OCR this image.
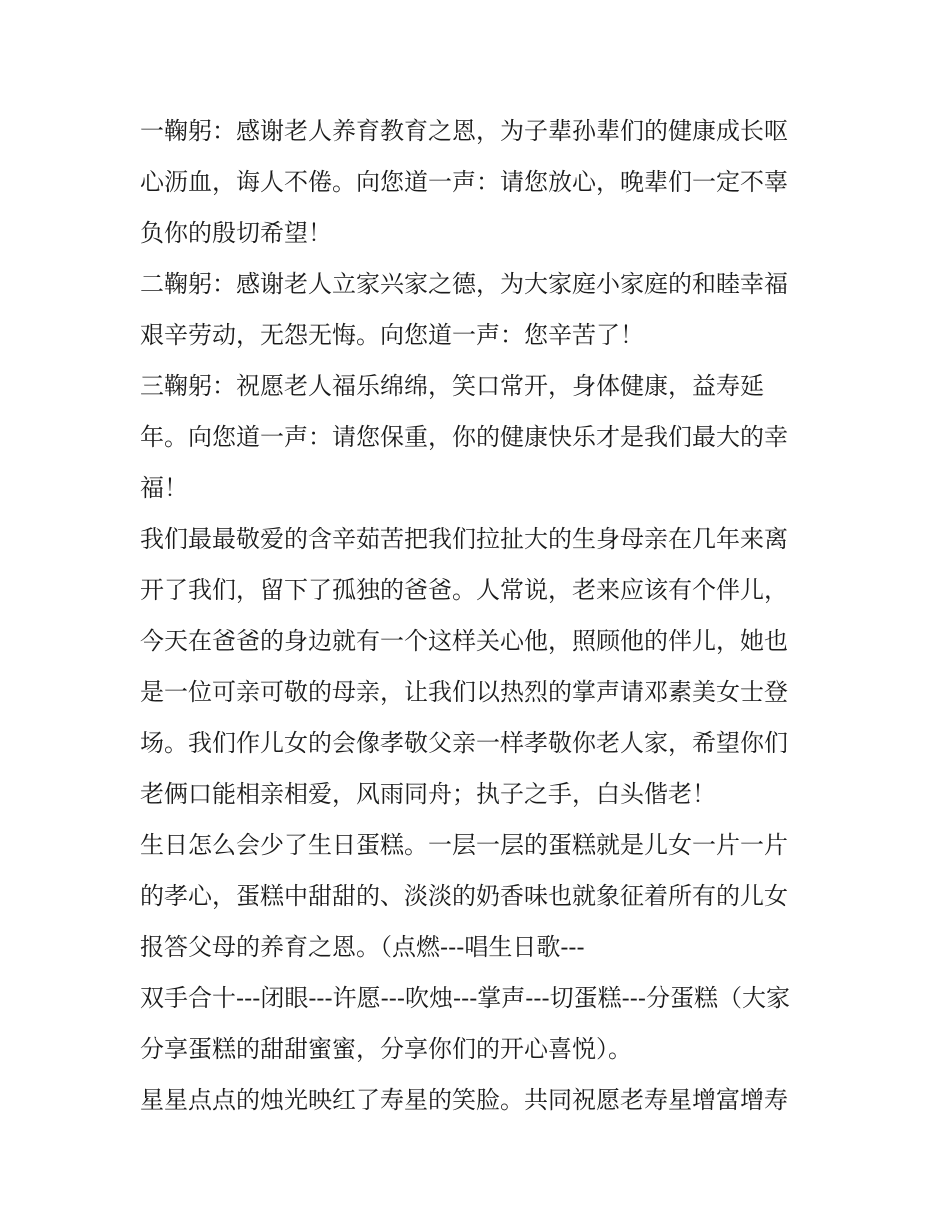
一鞠躬：感谢老人养育教育之恩，为子辈孙辈们的健康成长呕
心沥血，诲人不倦。向您道一声：请您放心，晚辈们一定不辜
负你的殷切希望！
二鞠躬：感谢老人立家兴家之德，为大家庭小家庭的和睦幸福
艰辛劳动，无怨无悔。向您道一声：您辛苦了！
三鞠躬：祝愿老人福乐绵绵，笑口常开，身体健康，益寿延
年。向您道一声：请您保重，你的健康快乐才是我们最大的幸
福！
我们最最敬爱的含辛茹苦把我们拉扯大的生身母亲在几年来离
开了我们，留下了孤独的爸爸。人常说，老来应该有个伴儿，
今天在爸爸的身边就有一个这样关心他，照顾他的伴儿，她也
是一位可亲可敬的母亲，让我们以热烈的掌声请邓素美女士登
场。我们作儿女的会像孝敬父亲一样孝敬你老人家，希望你们
老俩口能相亲相爱，风雨同舟；执子之手，白头偕老！
生日怎么会少了生日蛋糕。一层一层的蛋糕就是儿女一片一片
的孝心，蛋糕中甜甜的、淡淡的奶香味也就象征着所有的儿女
报答父母的养育之恩。（点燃---唱生日歌---
双手合十---闭眼---许愿---吹烛---掌声---切蛋糕---分蛋糕（大家
分享蛋糕的甜甜蜜蜜，分享你们的开心喜悦）。
星星点点的烛光映红了寿星的笑脸。共同祝愿老寿星增富增寿
